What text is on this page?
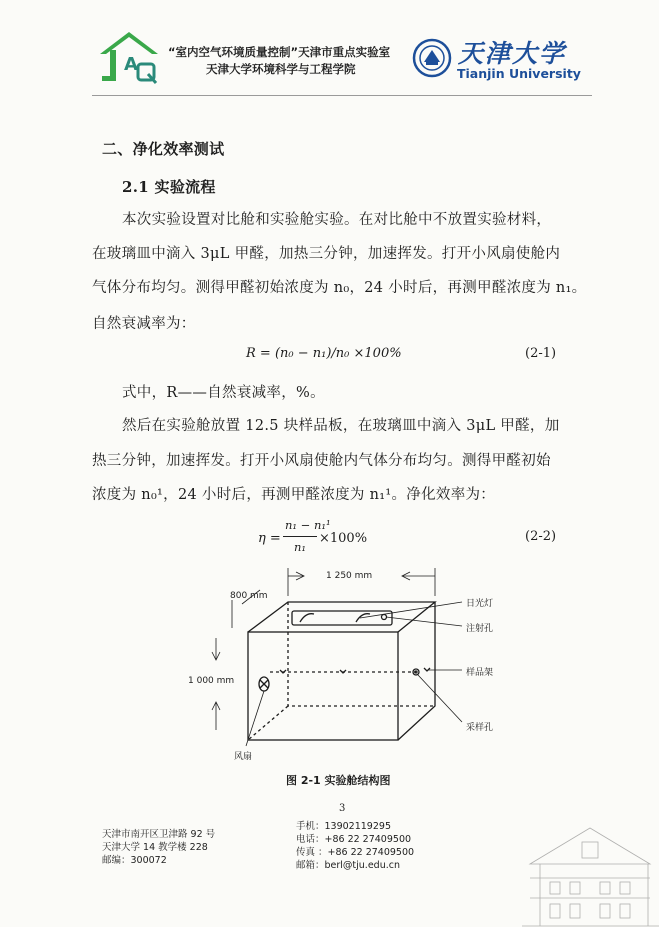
A
“室内空气环境质量控制”天津市重点实验室
天津大学环境科学与工程学院
天津大学
Tianjin University
二、净化效率测试
2.1 实验流程
本次实验设置对比舱和实验舱实验。在对比舱中不放置实验材料，
在玻璃皿中滴入 3μL 甲醛，加热三分钟，加速挥发。打开小风扇使舱内
气体分布均匀。测得甲醛初始浓度为 n₀，24 小时后，再测甲醛浓度为 n₁。
自然衰减率为：
R = (n₀ − n₁)/n₀ ×100%	(2-1)
式中，R——自然衰减率，%。
然后在实验舱放置 12.5 块样品板，在玻璃皿中滴入 3μL 甲醛，加
热三分钟，加速挥发。打开小风扇使舱内气体分布均匀。测得甲醛初始
浓度为 n₀¹，24 小时后，再测甲醛浓度为 n₁¹。净化效率为：
η =
n₁ − n₁¹
n₁
×100%	(2-2)
1 250 mm
800 mm
1 000 mm
日光灯
注射孔
样品架
采样孔
风扇
图 2-1 实验舱结构图
3
天津市南开区卫津路 92 号
天津大学 14 教学楼 228
邮编：300072
手机：13902119295
电话：+86 22 27409500
传真 ：+86 22 27409500
邮箱：berl@tju.edu.cn
